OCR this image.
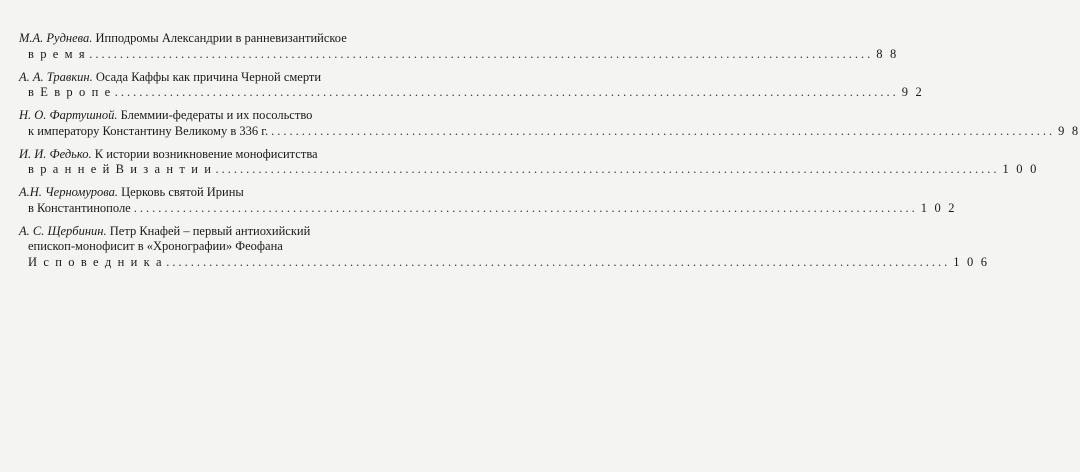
М.А. Руднева.
Ипподромы Александрии в ранневизантийское
в р е м я ................................................................................................................................ 8 8
А. А. Травкин.
Осада Каффы как причина Черной смерти
в Е в р о п е ................................................................................................................................ 9 2
Н. О. Фартушной.
Блеммии-федераты и их посольство
к императору Константину Великому в 336 г. ................................................................................................................................ 9 8
И. И. Федько.
К истории возникновение монофиситства
в р а н н е й В и з а н т и и ................................................................................................................................ 1 0 0
А.Н. Черномурова.
Церковь святой Ирины
в Константинополе ................................................................................................................................ 1 0 2
А. С. Щербинин.
Петр Кнафей – первый антиохийский
епископ-монофисит в «Хронографии» Феофана
И с п о в е д н и к а ................................................................................................................................ 1 0 6
